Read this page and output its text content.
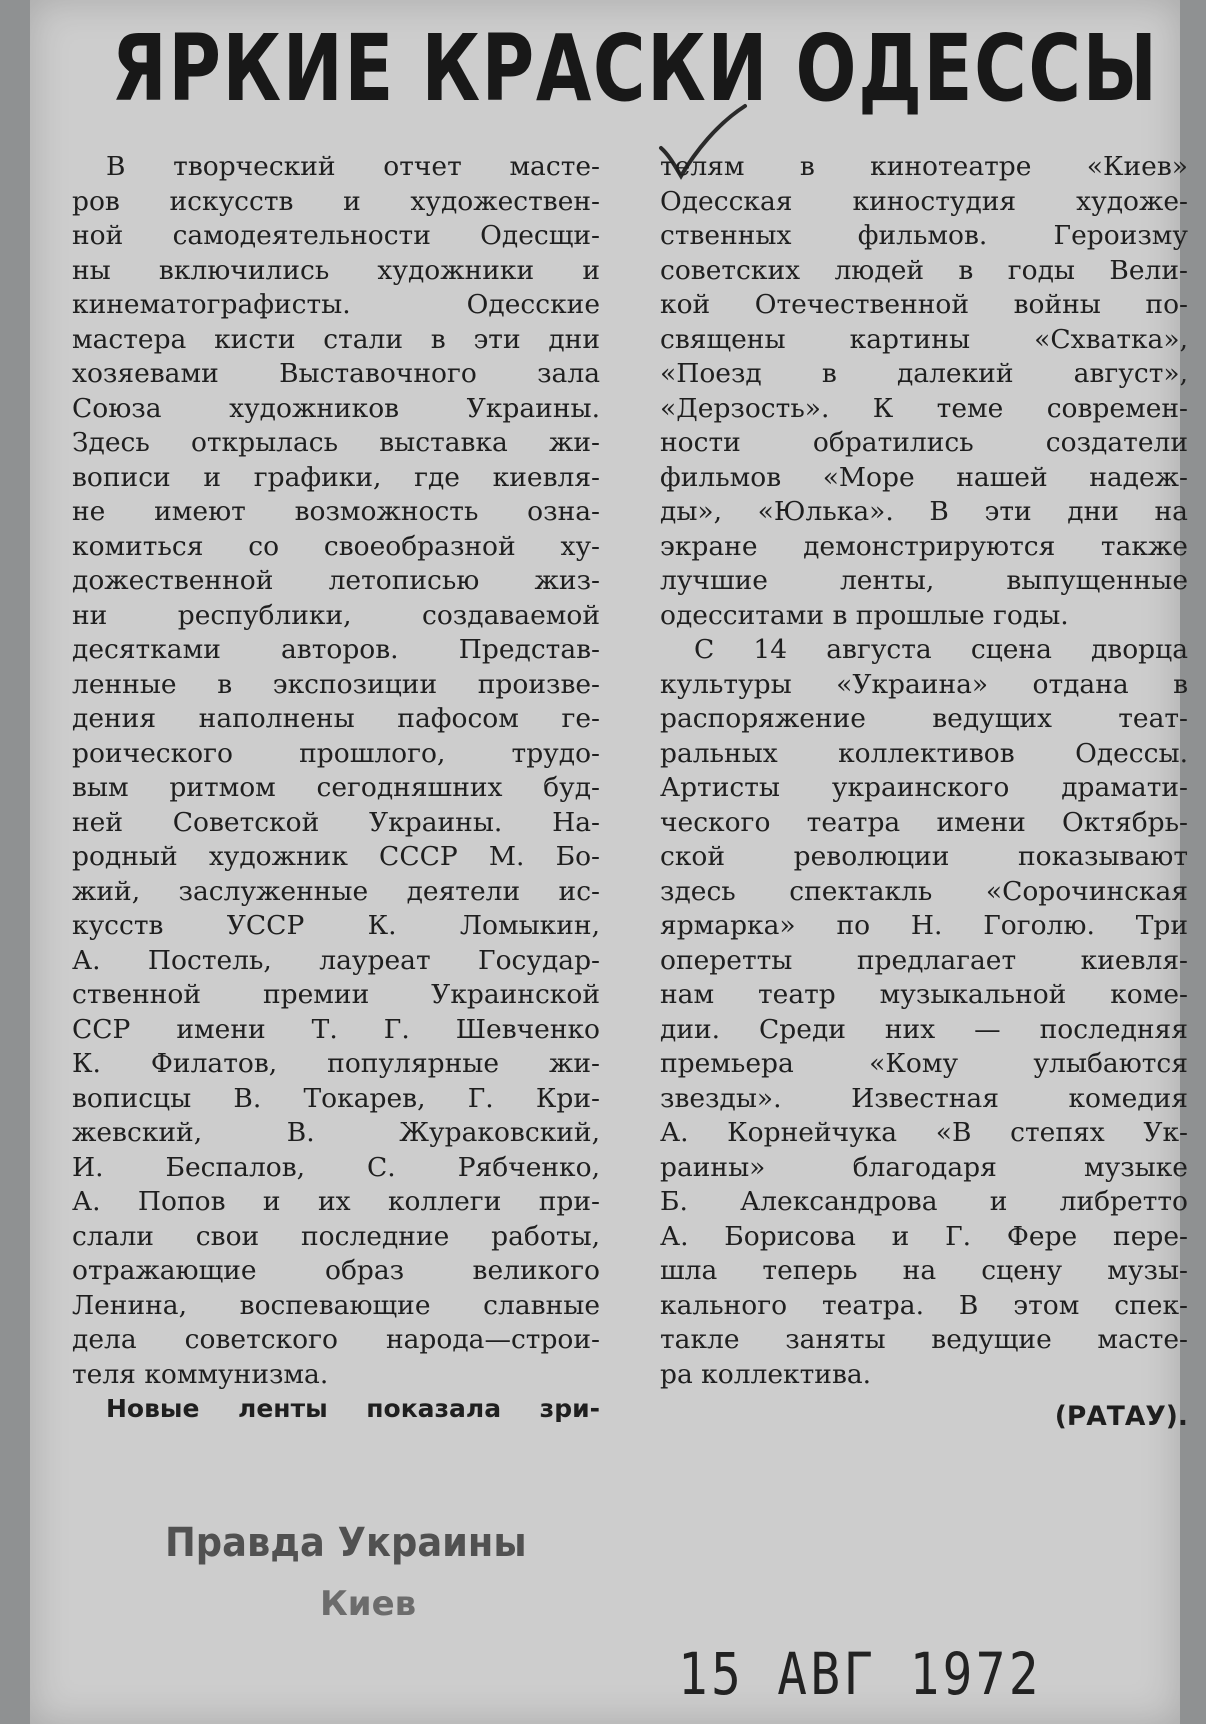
ЯРКИЕ КРАСКИ ОДЕССЫ
В творческий отчет масте-
ров искусств и художествен-
ной самодеятельности Одесщи-
ны включились художники и
кинематографисты. Одесские
мастера кисти стали в эти дни
хозяевами Выставочного зала
Союза художников Украины.
Здесь открылась выставка жи-
вописи и графики, где киевля-
не имеют возможность озна-
комиться со своеобразной ху-
дожественной летописью жиз-
ни республики, создаваемой
десятками авторов. Представ-
ленные в экспозиции произве-
дения наполнены пафосом ге-
роического прошлого, трудо-
вым ритмом сегодняшних буд-
ней Советской Украины. На-
родный художник СССР М. Бо-
жий, заслуженные деятели ис-
кусств УССР К. Ломыкин,
А. Постель, лауреат Государ-
ственной премии Украинской
ССР имени Т. Г. Шевченко
К. Филатов, популярные жи-
вописцы В. Токарев, Г. Кри-
жевский, В. Жураковский,
И. Беспалов, С. Рябченко,
А. Попов и их коллеги при-
слали свои последние работы,
отражающие образ великого
Ленина, воспевающие славные
дела советского народа—строи-
теля коммунизма.
Новые ленты показала зри-
телям в кинотеатре «Киев»
Одесская киностудия художе-
ственных фильмов. Героизму
советских людей в годы Вели-
кой Отечественной войны по-
священы картины «Схватка»,
«Поезд в далекий август»,
«Дерзость». К теме современ-
ности обратились создатели
фильмов «Море нашей надеж-
ды», «Юлька». В эти дни на
экране демонстрируются также
лучшие ленты, выпущенные
одесситами в прошлые годы.
С 14 августа сцена дворца
культуры «Украина» отдана в
распоряжение ведущих теат-
ральных коллективов Одессы.
Артисты украинского драмати-
ческого театра имени Октябрь-
ской революции показывают
здесь спектакль «Сорочинская
ярмарка» по Н. Гоголю. Три
оперетты предлагает киевля-
нам театр музыкальной коме-
дии. Среди них — последняя
премьера «Кому улыбаются
звезды». Известная комедия
А. Корнейчука «В степях Ук-
раины» благодаря музыке
Б. Александрова и либретто
А. Борисова и Г. Фере пере-
шла теперь на сцену музы-
кального театра. В этом спек-
такле заняты ведущие масте-
ра коллектива.
(РАТАУ).
Правда Украины
Киев
15 АВГ 1972
